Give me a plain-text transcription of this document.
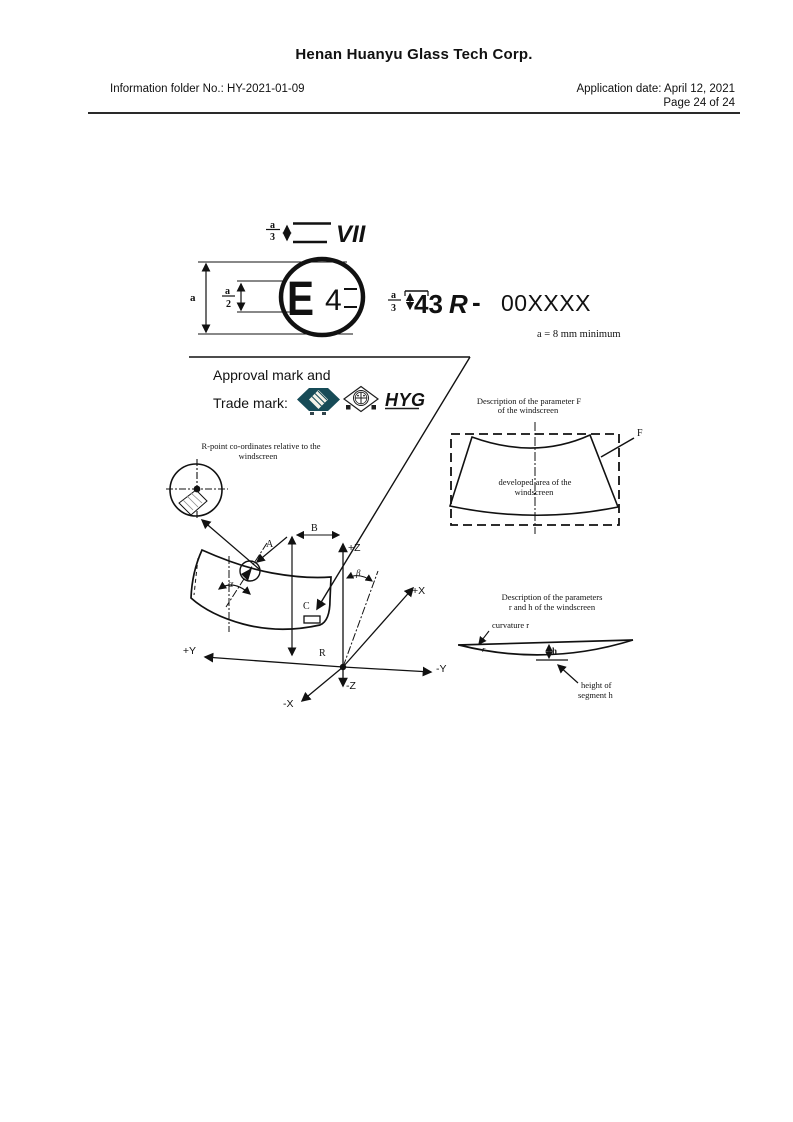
Henan Huanyu Glass Tech Corp.
Information folder No.: HY-2021-01-09	Application date: April 12, 2021
Page 24 of 24
a
3	VII
E 4
a
a
2
a
3 43 R - 00XXXX
a = 8 mm minimum
Approval mark and
Trade mark:	HYG
R-point co-ordinates relative to the
windscreen
A
B
α
C
R
+Z
-Z
+Y
-Y
+X
-X
β
Description of the parameter F
of the windscreen
F
developed area of the
windscreen
Description of the parameters
r and h of the windscreen
curvature r
r	h
height of
segment h
